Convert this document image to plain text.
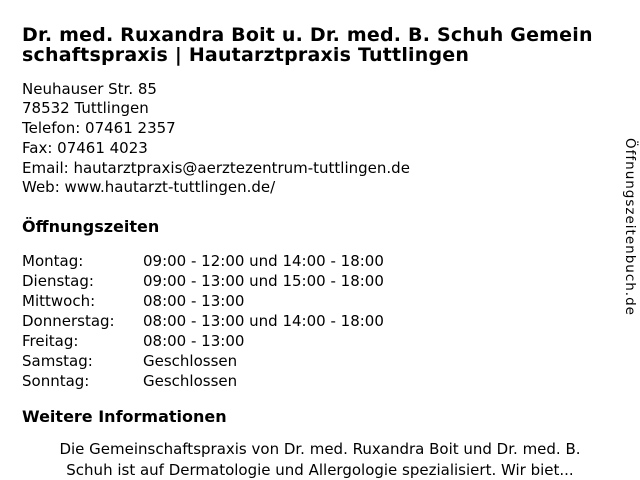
Dr. med. Ruxandra Boit u. Dr. med. B. Schuh Gemein
schaftspraxis | Hautarztpraxis Tuttlingen
Neuhauser Str. 85
78532 Tuttlingen
Telefon: 07461 2357
Fax: 07461 4023
Email: hautarztpraxis@aerztezentrum-tuttlingen.de
Web: www.hautarzt-tuttlingen.de/
Öffnungszeiten
Montag:	09:00 - 12:00 und 14:00 - 18:00
Dienstag:	09:00 - 13:00 und 15:00 - 18:00
Mittwoch:	08:00 - 13:00
Donnerstag: 08:00 - 13:00 und 14:00 - 18:00
Freitag:	08:00 - 13:00
Samstag:	Geschlossen
Sonntag:	Geschlossen
Weitere Informationen
Die Gemeinschaftspraxis von Dr. med. Ruxandra Boit und Dr. med. B.
Schuh ist auf Dermatologie und Allergologie spezialisiert. Wir biet...
Öffnungszeitenbuch.de
